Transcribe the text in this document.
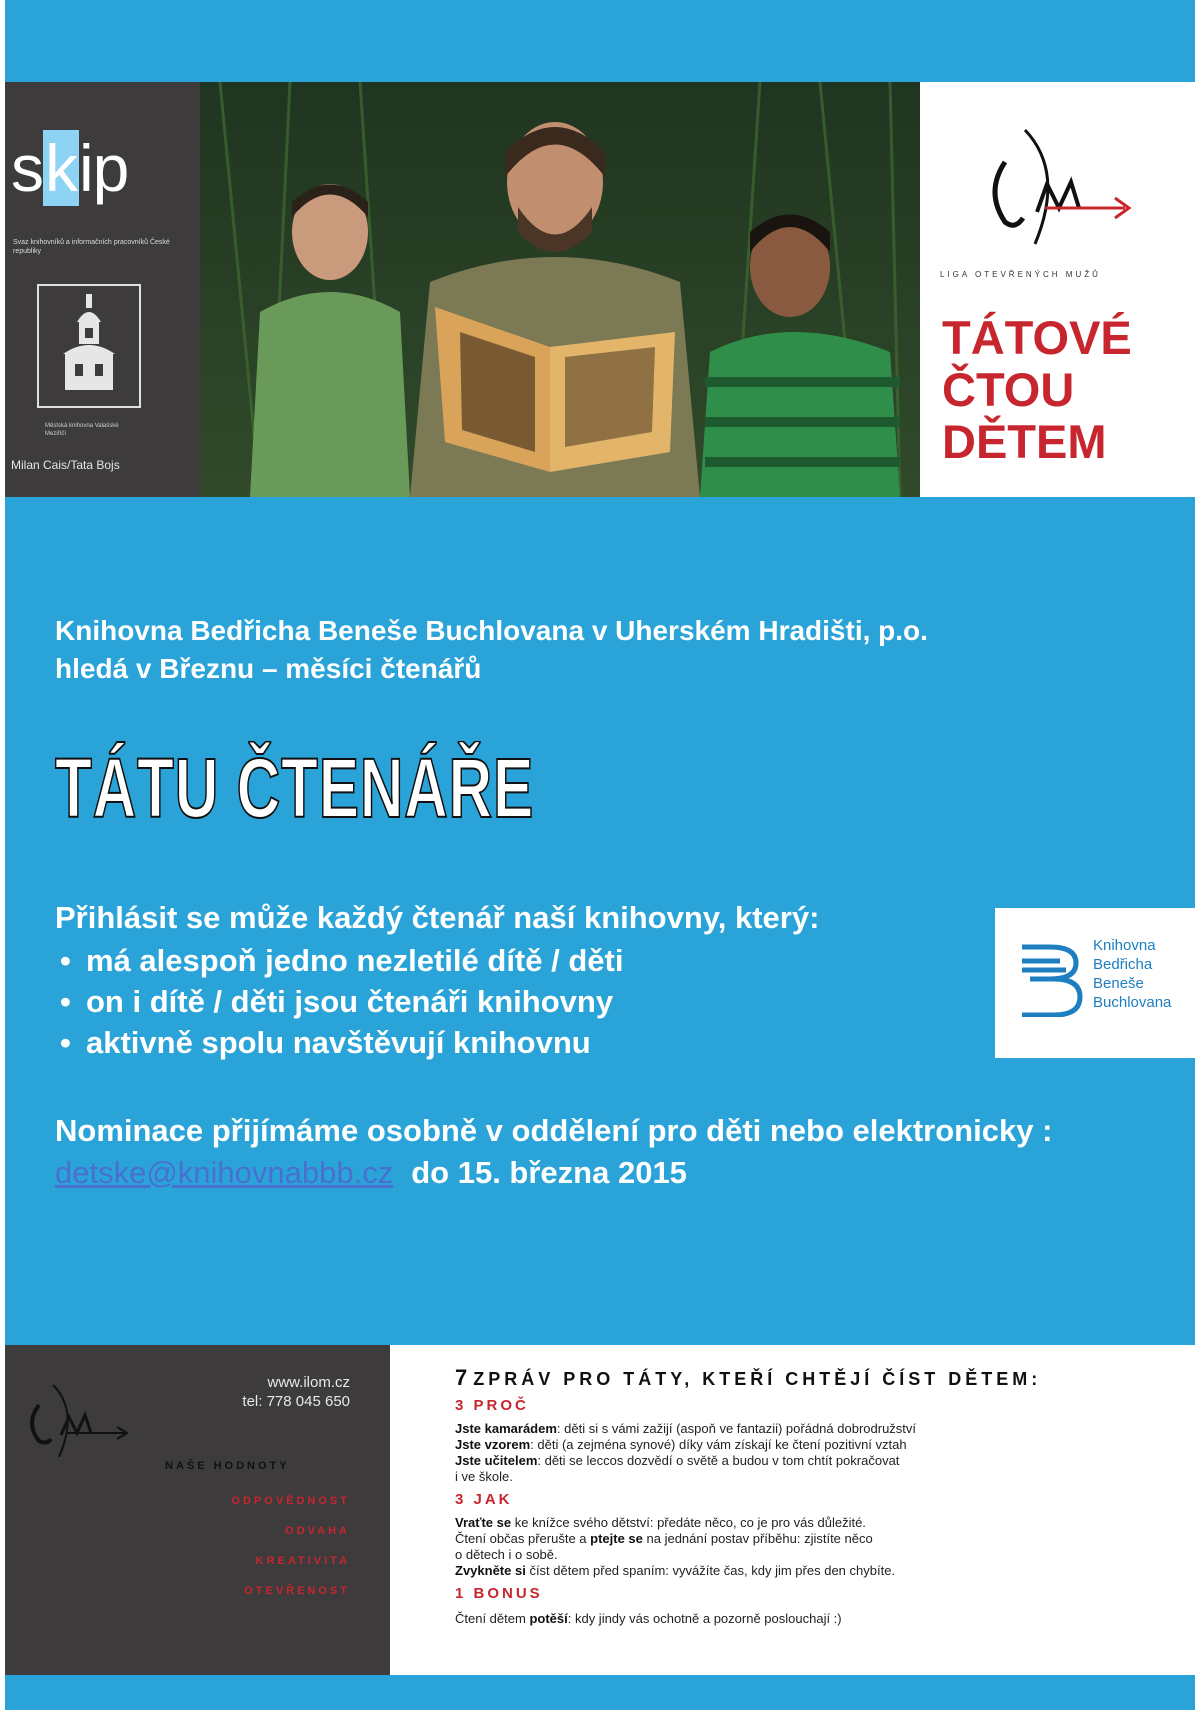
skip
Svaz knihovníků a informačních pracovníků České republiky
Městská knihovna Valašské Meziříčí
Milan Cais/Tata Bojs
LIGA OTEVŘENÝCH MUŽŮ
TÁTOVÉ
ČTOU
DĚTEM
Knihovna Bedřicha Beneše Buchlovana v Uherském Hradišti, p.o.
hledá v Březnu – měsíci čtenářů
TÁTU ČTENÁŘE
Přihlásit se může každý čtenář naší knihovny, který:
• má alespoň jedno nezletilé dítě / děti
• on i dítě / děti jsou čtenáři knihovny
• aktivně spolu navštěvují knihovnu
Knihovna
Bedřicha
Beneše
Buchlovana
Nominace přijímáme osobně v oddělení pro děti nebo elektronicky :
detske@knihovnabbb.cz do 15. března 2015
www.ilom.cz
tel: 778 045 650
NAŠE HODNOTY
ODPOVĚDNOST
ODVAHA
KREATIVITA
OTEVŘENOST
7 ZPRÁV PRO TÁTY, KTEŘÍ CHTĚJÍ ČÍST DĚTEM:
3 PROČ
Jste kamarádem: děti si s vámi zažijí (aspoň ve fantazii) pořádná dobrodružství
Jste vzorem: děti (a zejména synové) díky vám získají ke čtení pozitivní vztah
Jste učitelem: děti se leccos dozvědí o světě a budou v tom chtít pokračovat
i ve škole.
3 JAK
Vraťte se ke knížce svého dětství: předáte něco, co je pro vás důležité.
Čtení občas přerušte a ptejte se na jednání postav příběhu: zjistíte něco
o dětech i o sobě.
Zvykněte si číst dětem před spaním: vyvážíte čas, kdy jim přes den chybíte.
1 BONUS
Čtení dětem potěší: kdy jindy vás ochotně a pozorně poslouchají :)
